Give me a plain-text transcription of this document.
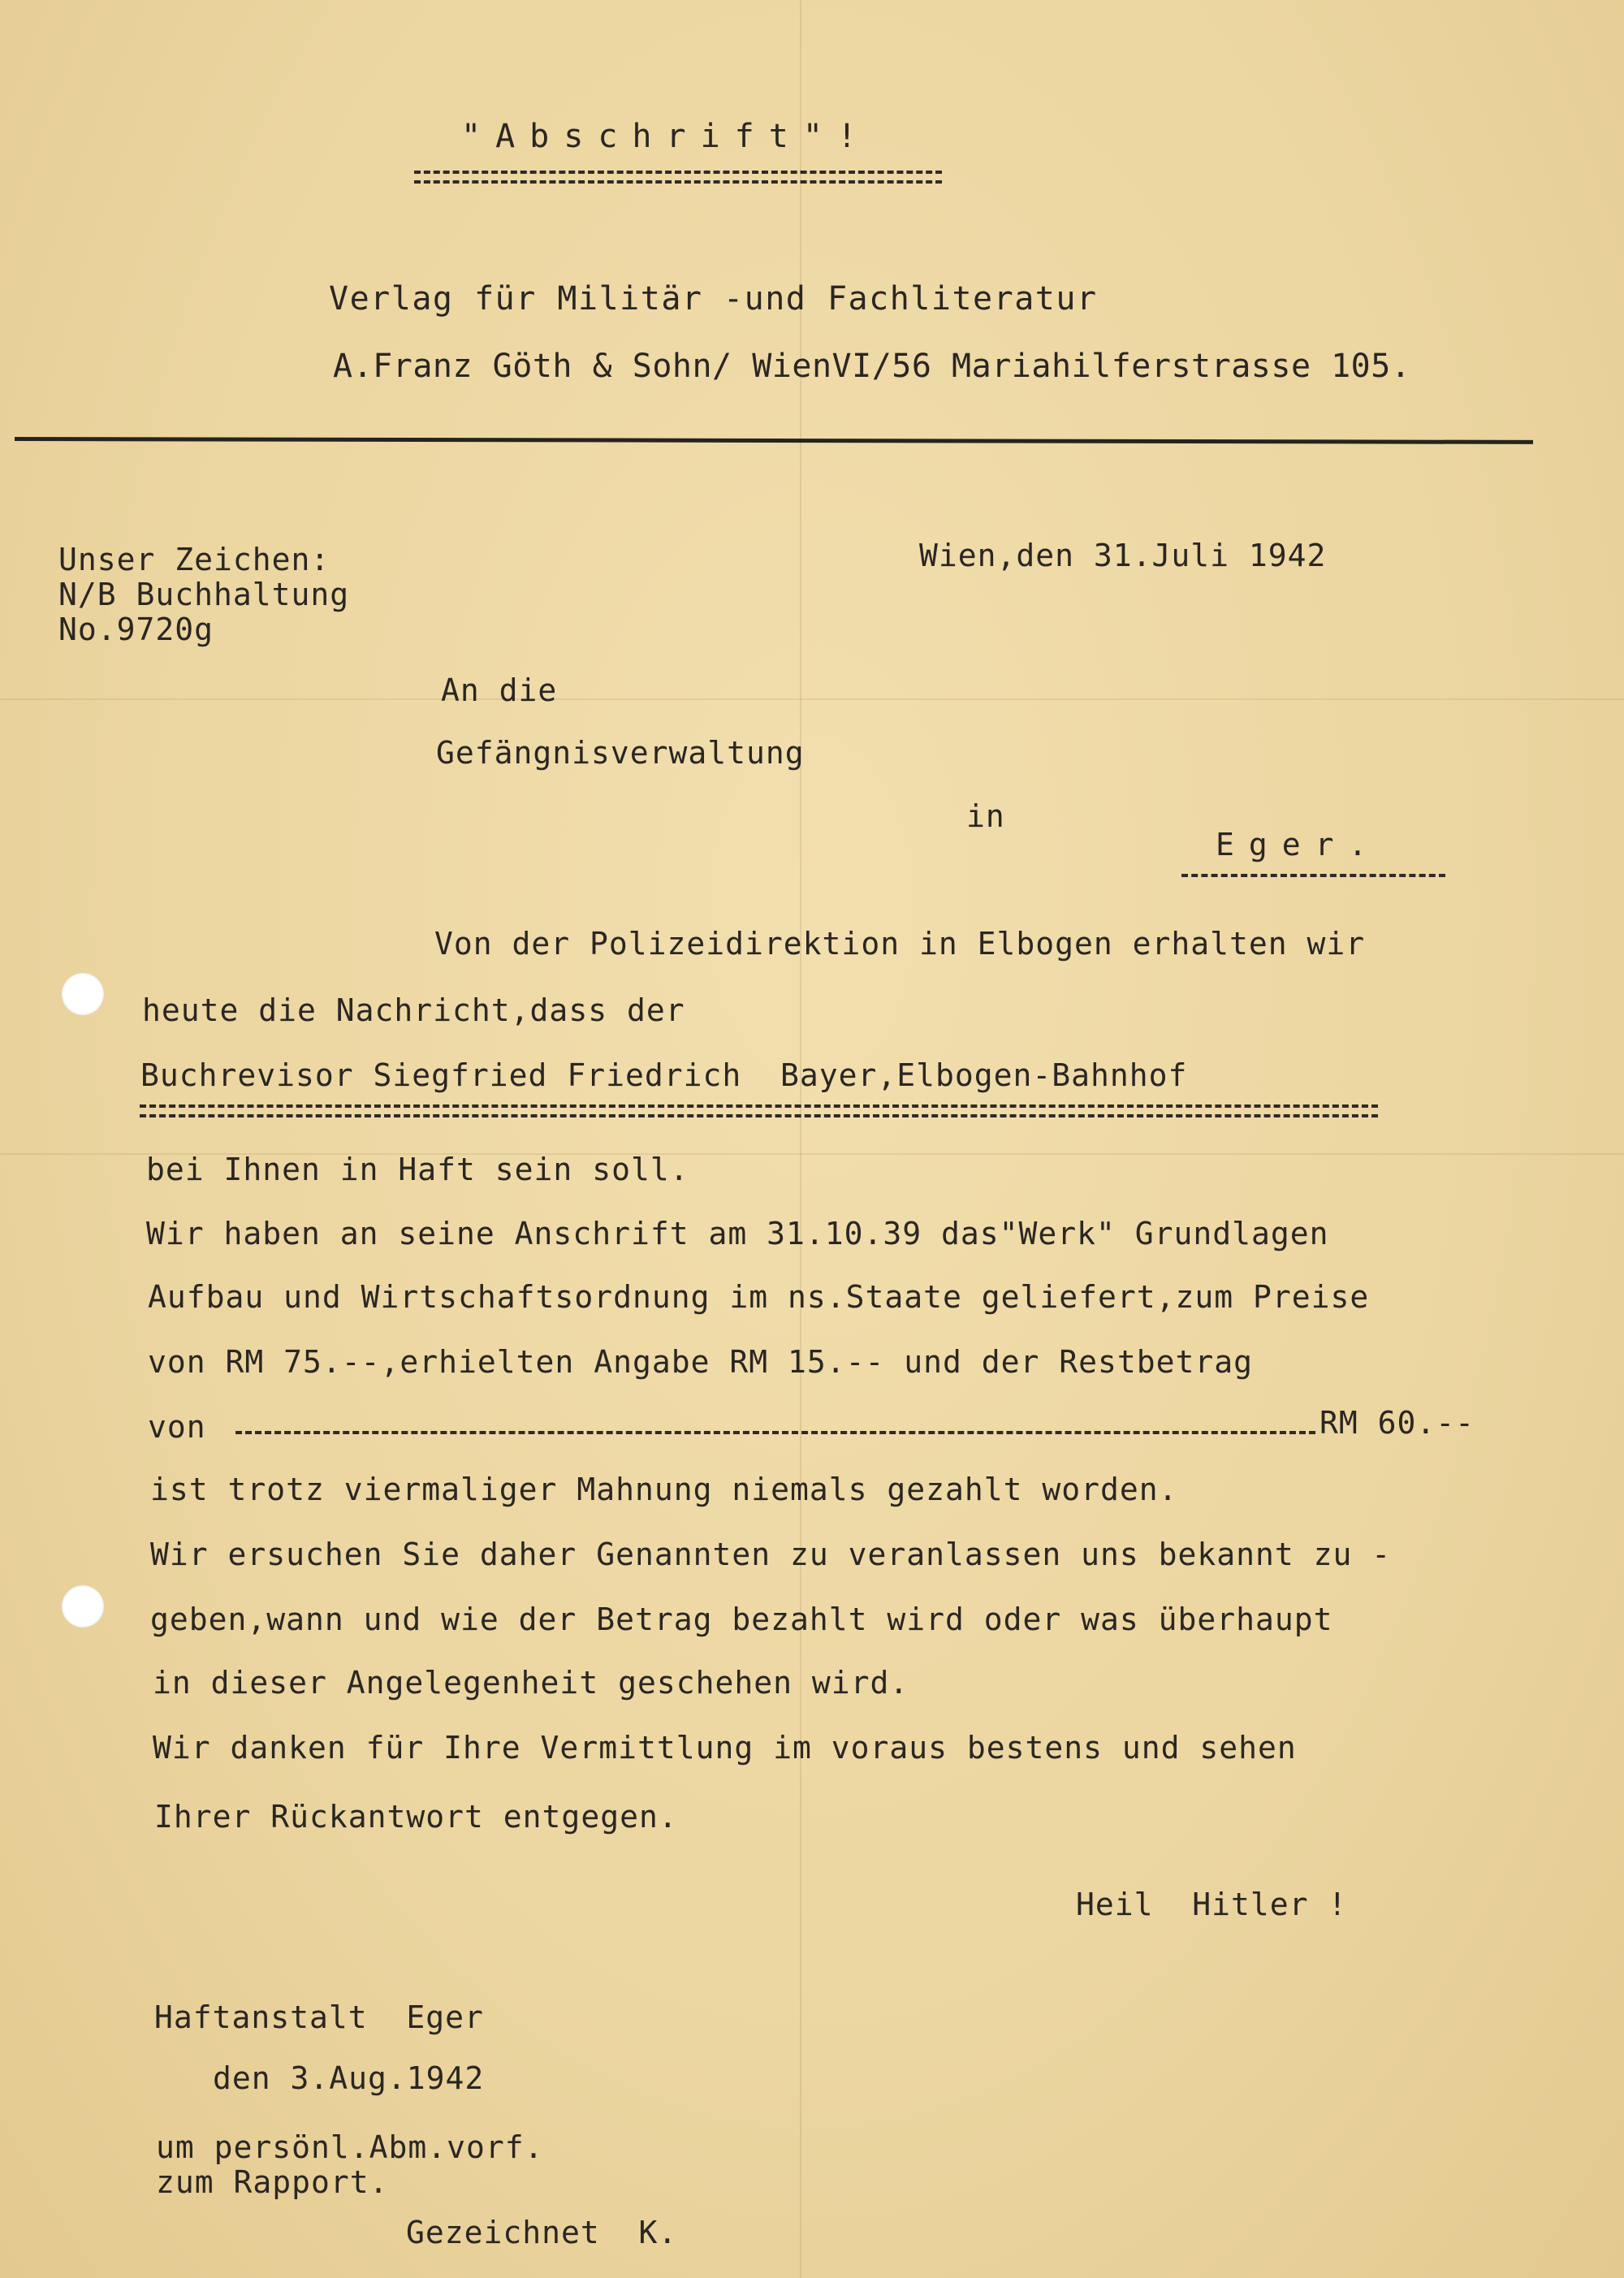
"Abschrift"!
Verlag für Militär -und Fachliteratur
A.Franz Göth & Sohn/ WienVI/56 Mariahilferstrasse 105.
Unser Zeichen:
N/B Buchhaltung
No.9720g
Wien,den 31.Juli 1942
An die
Gefängnisverwaltung
in
Eger.
Von der Polizeidirektion in Elbogen erhalten wir
heute die Nachricht,dass der
Buchrevisor Siegfried Friedrich  Bayer,Elbogen-Bahnhof
bei Ihnen in Haft sein soll.
Wir haben an seine Anschrift am 31.10.39 das"Werk" Grundlagen
Aufbau und Wirtschaftsordnung im ns.Staate geliefert,zum Preise
von RM 75.--,erhielten Angabe RM 15.-- und der Restbetrag
von	RM 60.--
ist trotz viermaliger Mahnung niemals gezahlt worden.
Wir ersuchen Sie daher Genannten zu veranlassen uns bekannt zu -
geben,wann und wie der Betrag bezahlt wird oder was überhaupt
in dieser Angelegenheit geschehen wird.
Wir danken für Ihre Vermittlung im voraus bestens und sehen
Ihrer Rückantwort entgegen.
Heil  Hitler !
Haftanstalt  Eger
den 3.Aug.1942
um persönl.Abm.vorf.
zum Rapport.
Gezeichnet  K.
